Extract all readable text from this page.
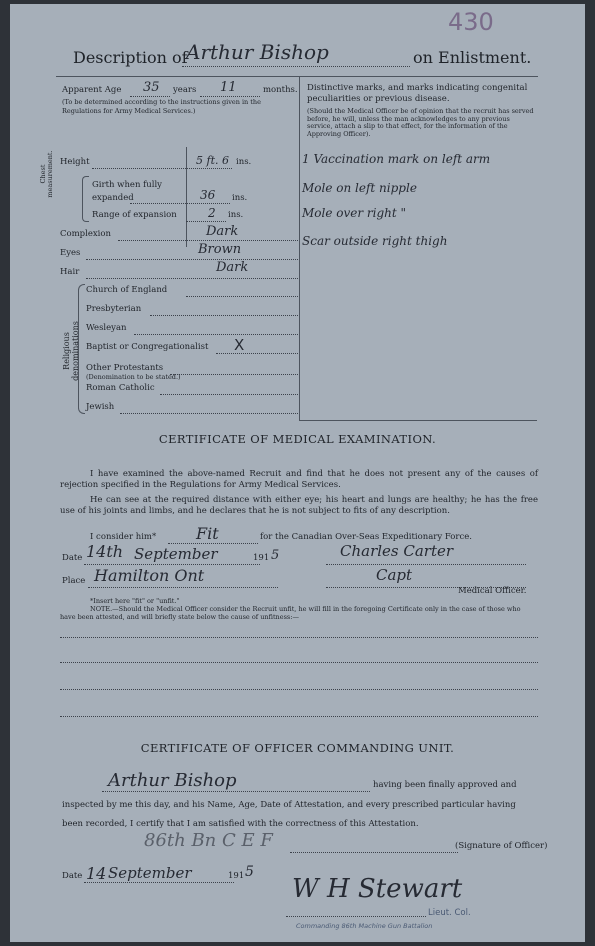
430
Description of
Arthur Bishop	on Enlistment.
Apparent Age 35 years 11	months.
(To be determined according to the instructions given in the Regulations for Army Medical Services.)
Height	5 ft. 6 ins.
Chest measurement.	Girth when fully expanded	36 ins.
Range of expansion	2 ins.
Complexion	Dark
Eyes	Brown
Hair	Dark
Religious denominations
Church of England
Presbyterian
Wesleyan
Baptist or Congregationalist X
Other Protestants
(Denomination to be stated.)
Roman Catholic
Jewish
Distinctive marks, and marks indicating congenital peculiarities or previous disease.
(Should the Medical Officer be of opinion that the recruit has served before, he will, unless the man acknowledges to any previous service, attach a slip to that effect, for the information of the Approving Officer).
1 Vaccination mark on left arm
Mole on left nipple
Mole over right "
Scar outside right thigh
CERTIFICATE OF MEDICAL EXAMINATION.
I have examined the above-named Recruit and find that he does not present any of the causes of rejection specified in the Regulations for Army Medical Services.
He can see at the required distance with either eye; his heart and lungs are healthy; he has the free use of his joints and limbs, and he declares that he is not subject to fits of any description.
I consider him* Fit	for the Canadian Over-Seas Expeditionary Force.
Date 14th September	191 5	Charles Carter
Place Hamilton Ont	Capt
Medical Officer.
*Insert here "fit" or "unfit."
NOTE.—Should the Medical Officer consider the Recruit unfit, he will fill in the foregoing Certificate only in the case of those who have been attested, and will briefly state below the cause of unfitness:—
CERTIFICATE OF OFFICER COMMANDING UNIT.
Arthur Bishop	having been finally approved and
inspected by me this day, and his Name, Age, Date of Attestation, and every prescribed particular having
been recorded, I certify that I am satisfied with the correctness of this Attestation.
86th Bn C E F	(Signature of Officer)
Date 14 September	191 5
W H Stewart
Lieut. Col.
Commanding 86th Machine Gun Battalion
